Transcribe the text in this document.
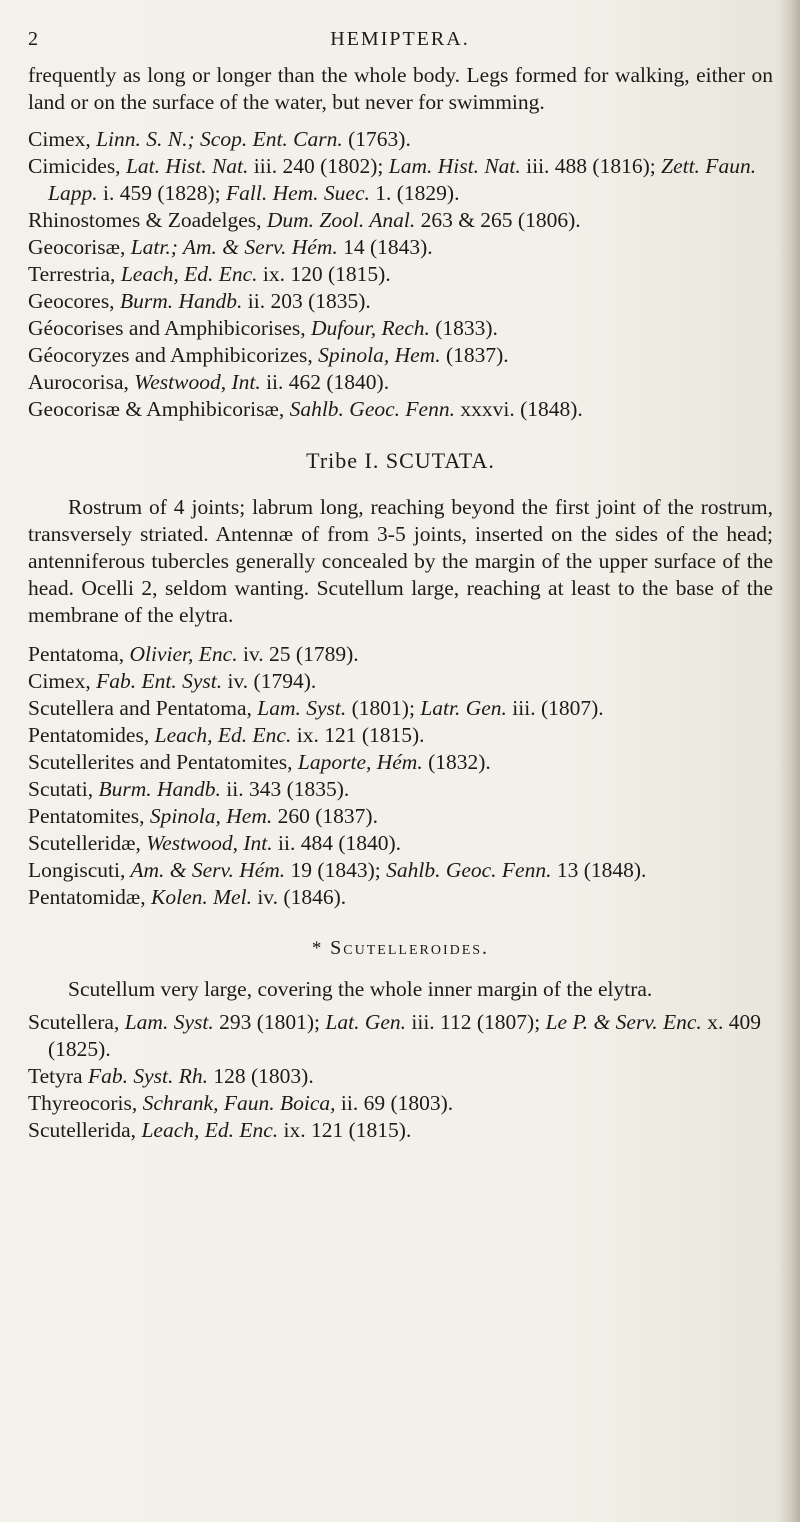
2	HEMIPTERA.

frequently as long or longer than the whole body. Legs formed for walking, either on land or on the surface of the water, but never for swimming.

Cimex, Linn. S. N.; Scop. Ent. Carn. (1763).

Cimicides, Lat. Hist. Nat. iii. 240 (1802); Lam. Hist. Nat. iii. 488 (1816); Zett. Faun. Lapp. i. 459 (1828); Fall. Hem. Suec. 1. (1829).

Rhinostomes & Zoadelges, Dum. Zool. Anal. 263 & 265 (1806).

Geocorisæ, Latr.; Am. & Serv. Hém. 14 (1843).

Terrestria, Leach, Ed. Enc. ix. 120 (1815).

Geocores, Burm. Handb. ii. 203 (1835).

Géocorises and Amphibicorises, Dufour, Rech. (1833).

Géocoryzes and Amphibicorizes, Spinola, Hem. (1837).

Aurocorisa, Westwood, Int. ii. 462 (1840).

Geocorisæ & Amphibicorisæ, Sahlb. Geoc. Fenn. xxxvi. (1848).

Tribe I. SCUTATA.

Rostrum of 4 joints; labrum long, reaching beyond the first joint of the rostrum, transversely striated. Antennæ of from 3-5 joints, inserted on the sides of the head; antenniferous tubercles generally concealed by the margin of the upper surface of the head. Ocelli 2, seldom wanting. Scutellum large, reaching at least to the base of the membrane of the elytra.

Pentatoma, Olivier, Enc. iv. 25 (1789).

Cimex, Fab. Ent. Syst. iv. (1794).

Scutellera and Pentatoma, Lam. Syst. (1801); Latr. Gen. iii. (1807).

Pentatomides, Leach, Ed. Enc. ix. 121 (1815).

Scutellerites and Pentatomites, Laporte, Hém. (1832).

Scutati, Burm. Handb. ii. 343 (1835).

Pentatomites, Spinola, Hem. 260 (1837).

Scutelleridæ, Westwood, Int. ii. 484 (1840).

Longiscuti, Am. & Serv. Hém. 19 (1843); Sahlb. Geoc. Fenn. 13 (1848).

Pentatomidæ, Kolen. Mel. iv. (1846).

* Scutelleroides.

Scutellum very large, covering the whole inner margin of the elytra.

Scutellera, Lam. Syst. 293 (1801); Lat. Gen. iii. 112 (1807); Le P. & Serv. Enc. x. 409 (1825).

Tetyra Fab. Syst. Rh. 128 (1803).

Thyreocoris, Schrank, Faun. Boica, ii. 69 (1803).

Scutellerida, Leach, Ed. Enc. ix. 121 (1815).
